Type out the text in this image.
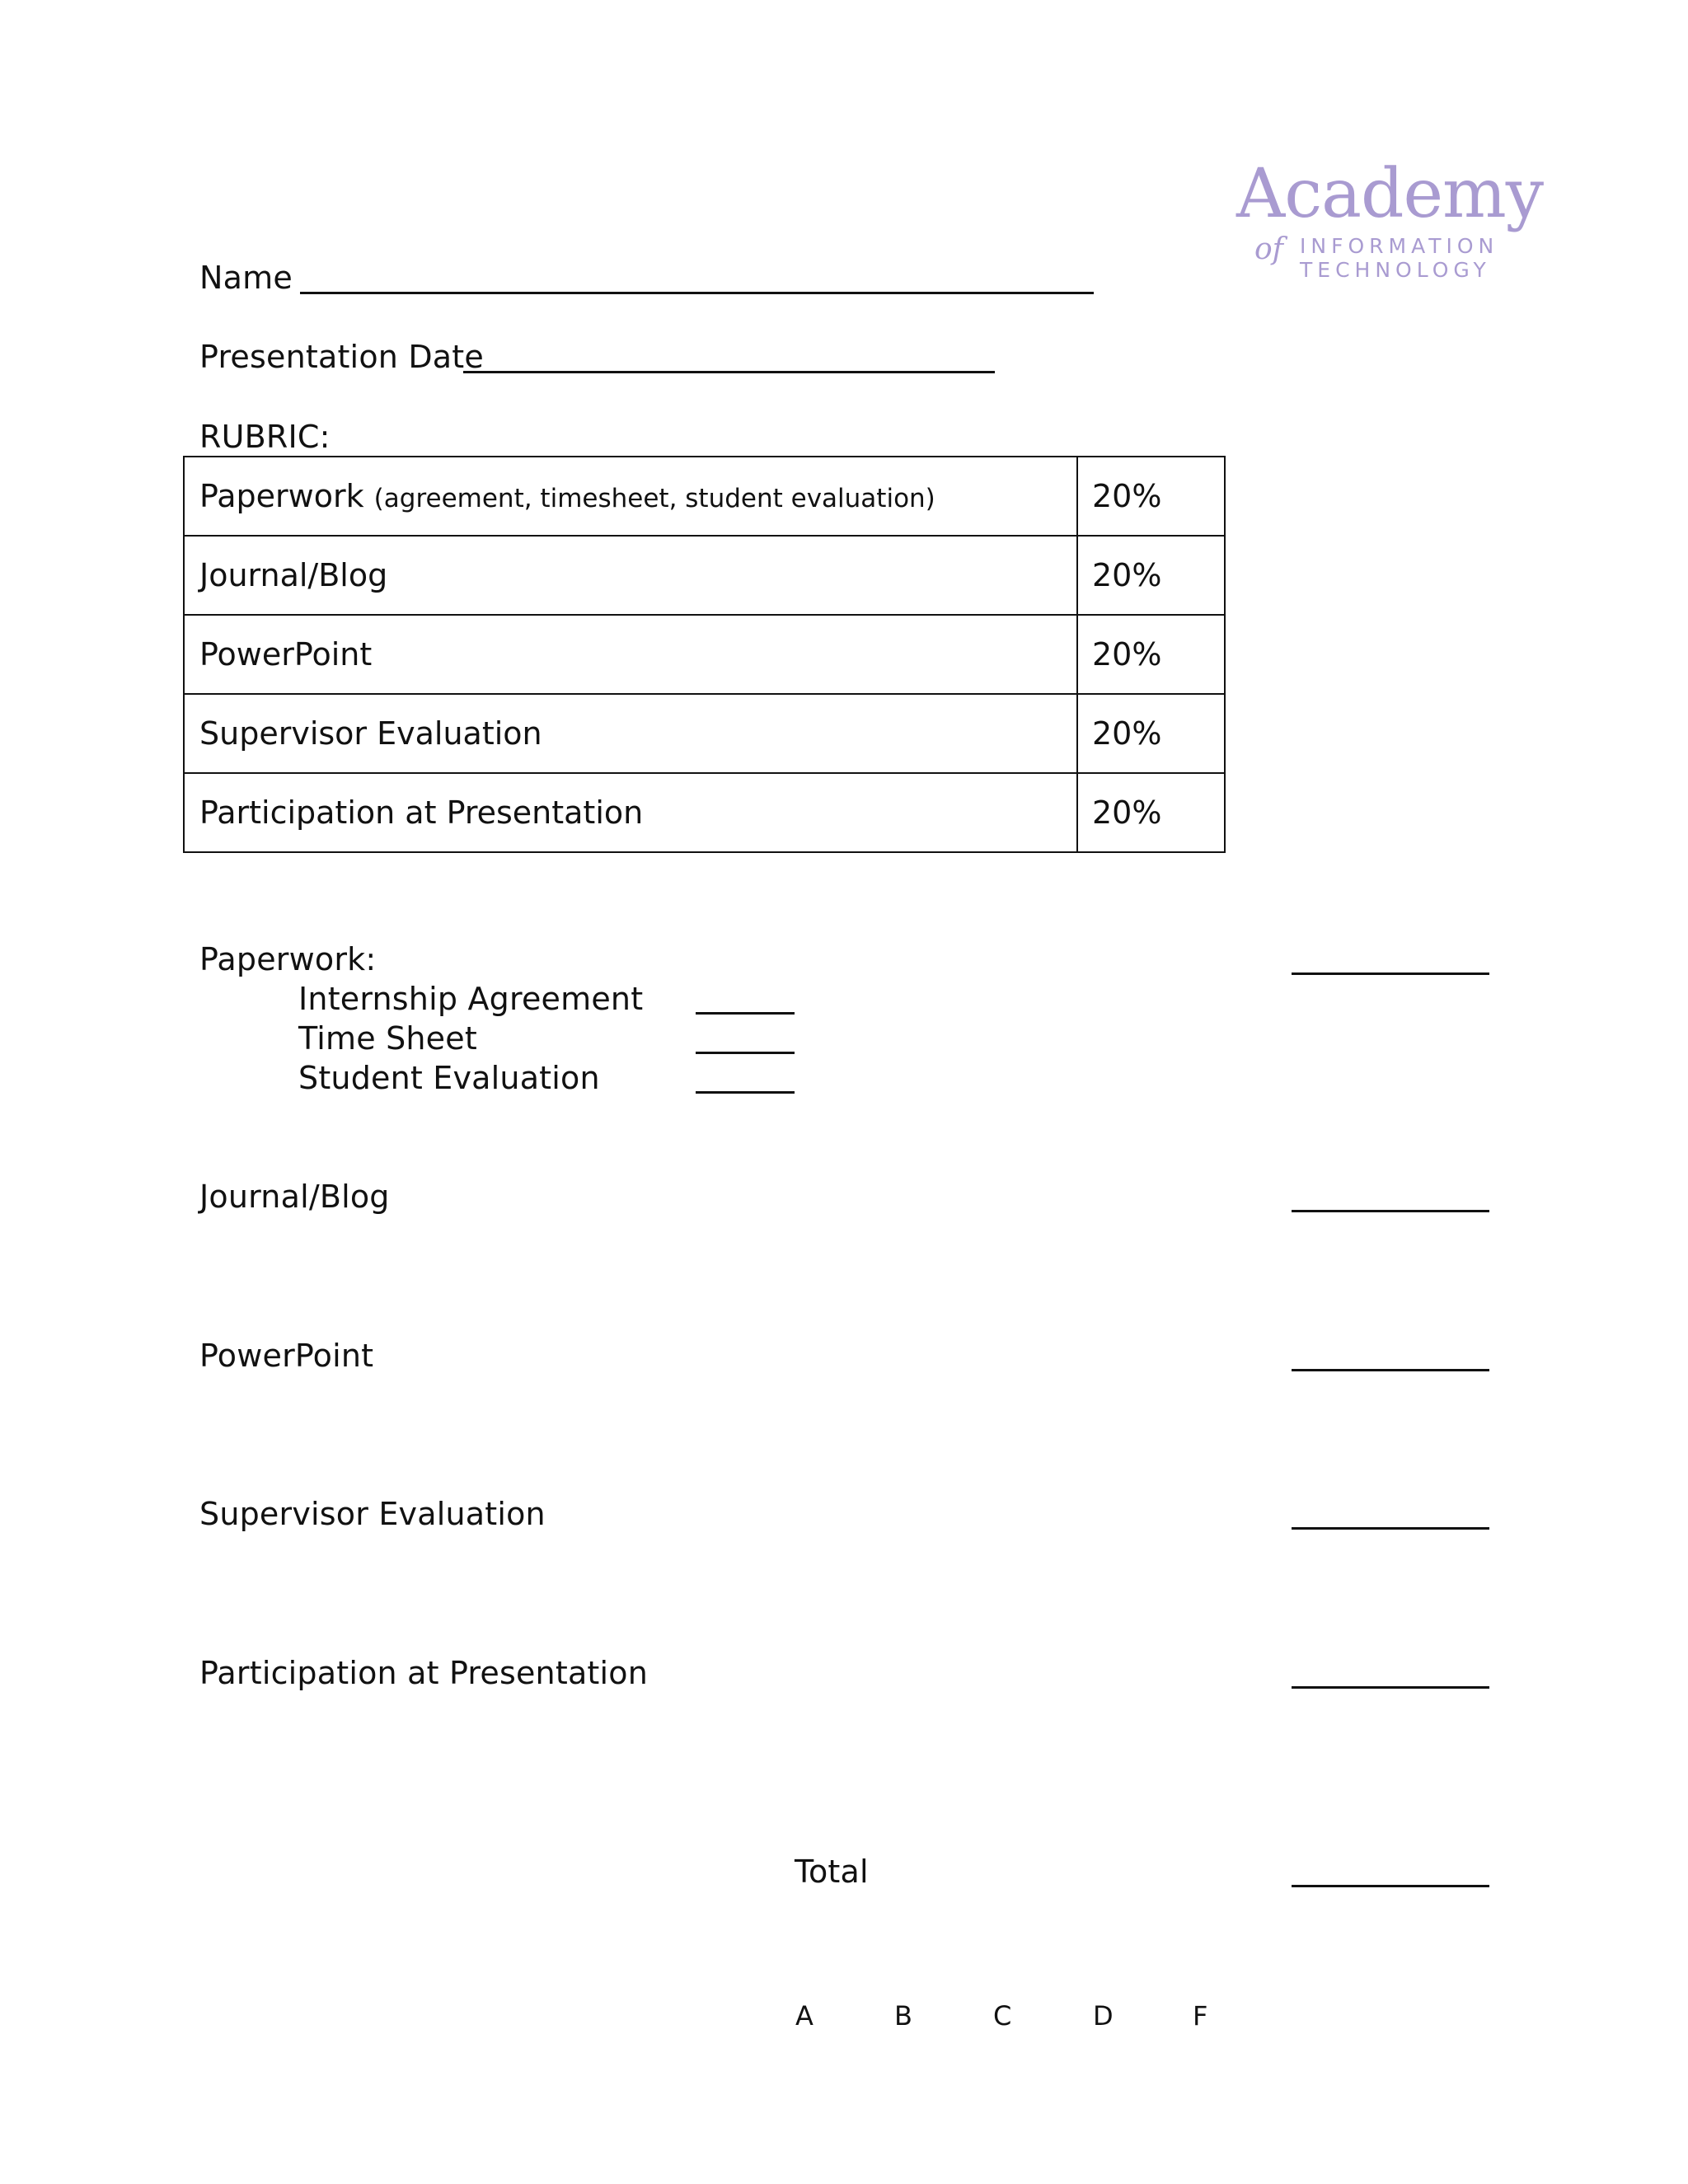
Academy
of INFORMATION
TECHNOLOGY
Name
Presentation Date
RUBRIC:
Paperwork (agreement, timesheet, student evaluation)	20%
Journal/Blog	20%
PowerPoint	20%
Supervisor Evaluation	20%
Participation at Presentation	20%
Paperwork:
Internship Agreement
Time Sheet
Student Evaluation
Journal/Blog
PowerPoint
Supervisor Evaluation
Participation at Presentation
Total
A	B	C	D	F
